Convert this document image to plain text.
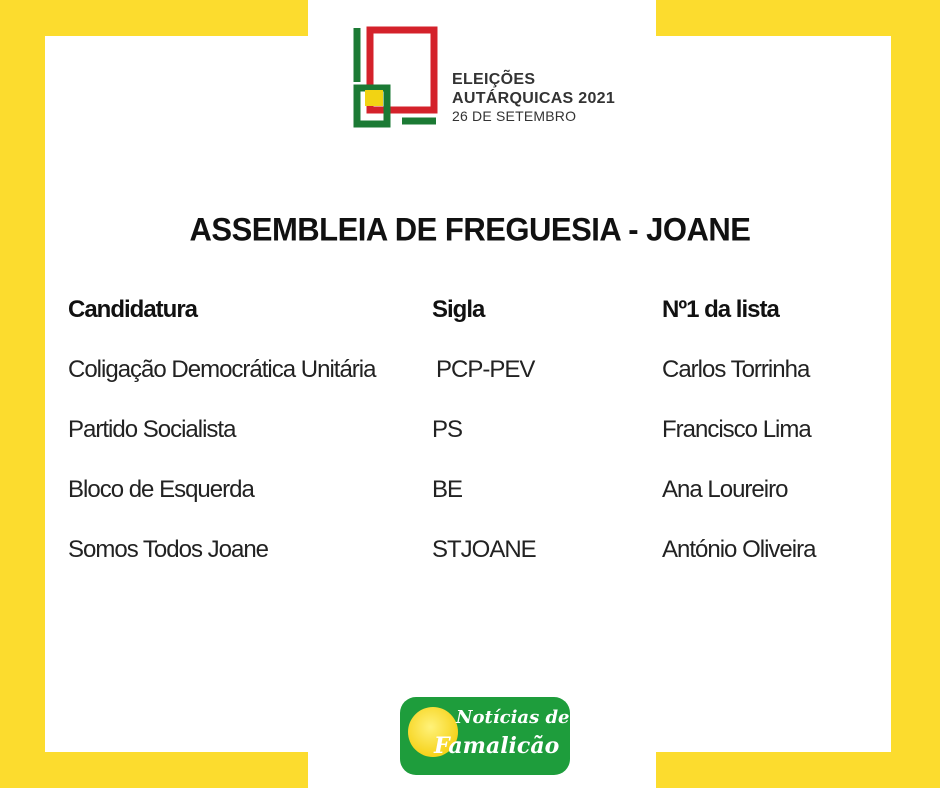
ELEIÇÕES
AUTÁRQUICAS 2021
26 DE SETEMBRO
ASSEMBLEIA DE FREGUESIA - JOANE
Candidatura	Sigla	Nº1 da lista
Coligação Democrática Unitária	PCP-PEV	Carlos Torrinha
Partido Socialista	PS	Francisco Lima
Bloco de Esquerda	BE	Ana Loureiro
Somos Todos Joane	STJOANE	António Oliveira
Notícias de
Famalicão
